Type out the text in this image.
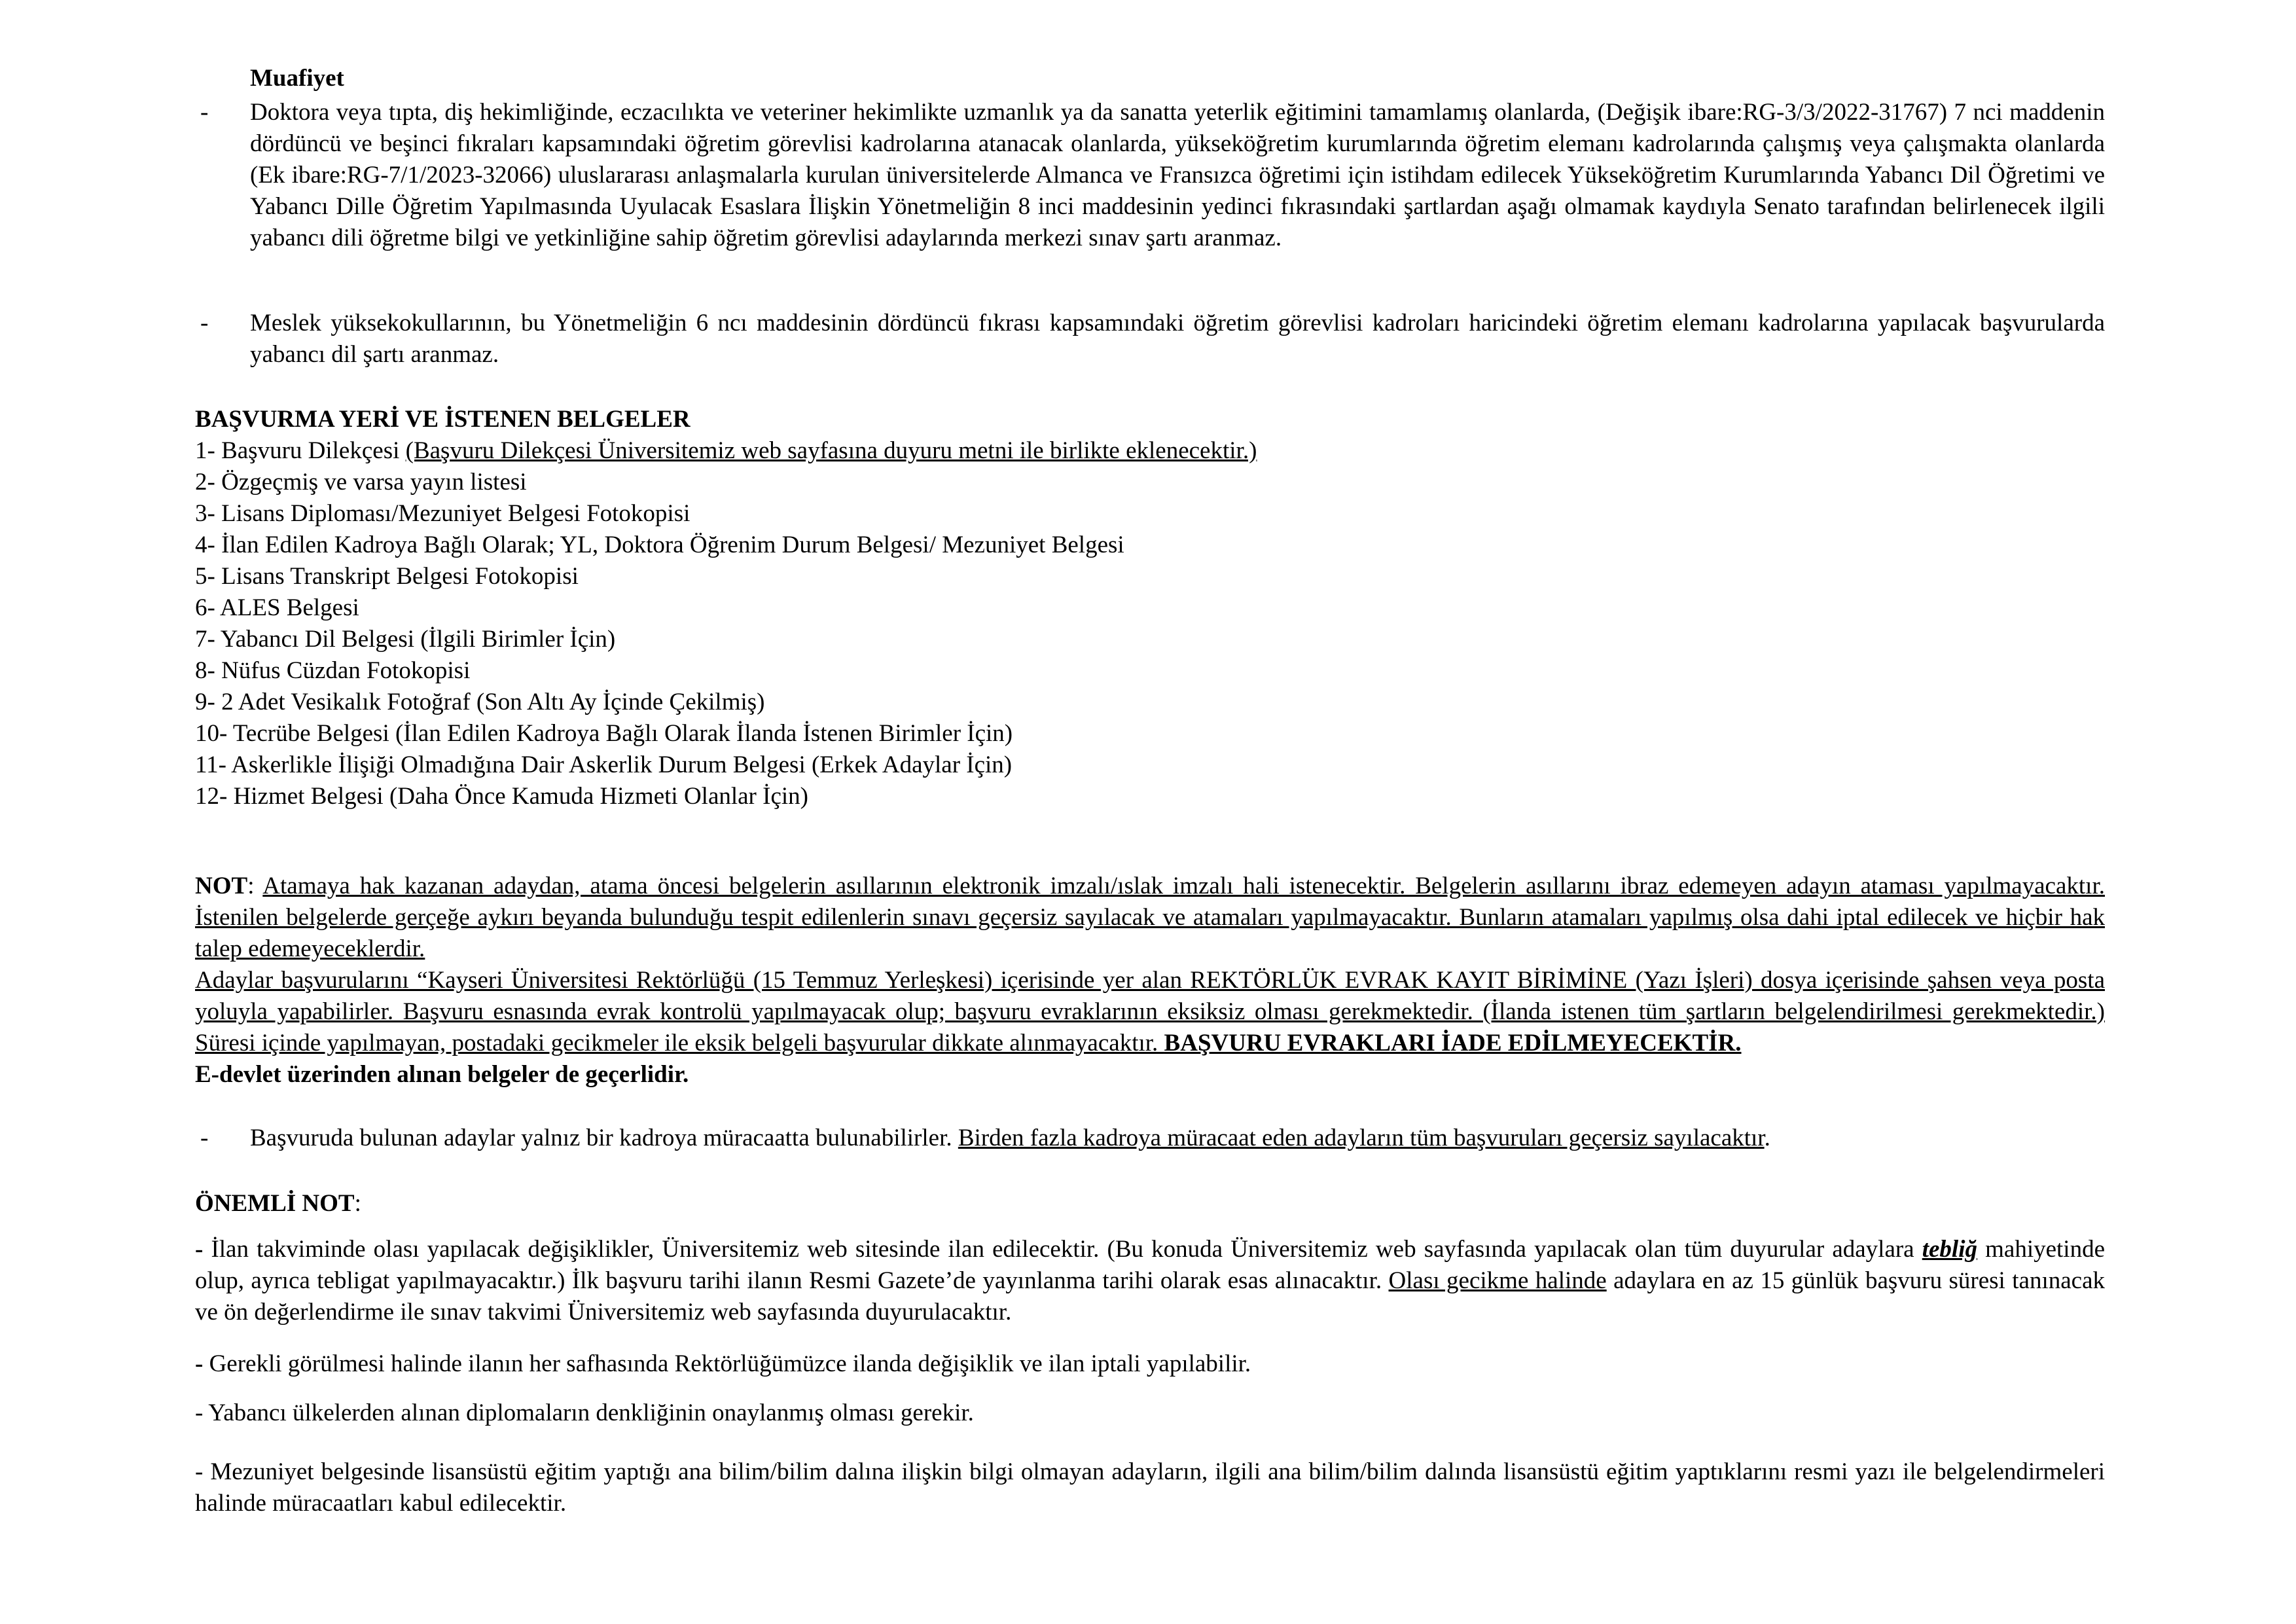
Muafiyet

-	Doktora veya tıpta, diş hekimliğinde, eczacılıkta ve veteriner hekimlikte uzmanlık ya da sanatta yeterlik eğitimini tamamlamış olanlarda, (Değişik ibare:RG-3/3/2022-31767) 7 nci maddenin dördüncü ve beşinci fıkraları kapsamındaki öğretim görevlisi kadrolarına atanacak olanlarda, yükseköğretim kurumlarında öğretim elemanı kadrolarında çalışmış veya çalışmakta olanlarda (Ek ibare:RG-7/1/2023-32066) uluslararası anlaşmalarla kurulan üniversitelerde Almanca ve Fransızca öğretimi için istihdam edilecek Yükseköğretim Kurumlarında Yabancı Dil Öğretimi ve Yabancı Dille Öğretim Yapılmasında Uyulacak Esaslara İlişkin Yönetmeliğin 8 inci maddesinin yedinci fıkrasındaki şartlardan aşağı olmamak kaydıyla Senato tarafından belirlenecek ilgili yabancı dili öğretme bilgi ve yetkinliğine sahip öğretim görevlisi adaylarında merkezi sınav şartı aranmaz.

-	Meslek yüksekokullarının, bu Yönetmeliğin 6 ncı maddesinin dördüncü fıkrası kapsamındaki öğretim görevlisi kadroları haricindeki öğretim elemanı kadrolarına yapılacak başvurularda yabancı dil şartı aranmaz.

BAŞVURMA YERİ VE İSTENEN BELGELER

1- Başvuru Dilekçesi (Başvuru Dilekçesi Üniversitemiz web sayfasına duyuru metni ile birlikte eklenecektir.)

2- Özgeçmiş ve varsa yayın listesi

3- Lisans Diploması/Mezuniyet Belgesi Fotokopisi

4- İlan Edilen Kadroya Bağlı Olarak; YL, Doktora Öğrenim Durum Belgesi/ Mezuniyet Belgesi

5- Lisans Transkript Belgesi Fotokopisi

6- ALES Belgesi

7- Yabancı Dil Belgesi (İlgili Birimler İçin)

8- Nüfus Cüzdan Fotokopisi

9- 2 Adet Vesikalık Fotoğraf (Son Altı Ay İçinde Çekilmiş)

10- Tecrübe Belgesi (İlan Edilen Kadroya Bağlı Olarak İlanda İstenen Birimler İçin)

11- Askerlikle İlişiği Olmadığına Dair Askerlik Durum Belgesi (Erkek Adaylar İçin)

12- Hizmet Belgesi (Daha Önce Kamuda Hizmeti Olanlar İçin)

NOT: Atamaya hak kazanan adaydan, atama öncesi belgelerin asıllarının elektronik imzalı/ıslak imzalı hali istenecektir. Belgelerin asıllarını ibraz edemeyen adayın ataması yapılmayacaktır. İstenilen belgelerde gerçeğe aykırı beyanda bulunduğu tespit edilenlerin sınavı geçersiz sayılacak ve atamaları yapılmayacaktır. Bunların atamaları yapılmış olsa dahi iptal edilecek ve hiçbir hak talep edemeyeceklerdir.

Adaylar başvurularını “Kayseri Üniversitesi Rektörlüğü (15 Temmuz Yerleşkesi) içerisinde yer alan REKTÖRLÜK EVRAK KAYIT BİRİMİNE (Yazı İşleri) dosya içerisinde şahsen veya posta yoluyla yapabilirler. Başvuru esnasında evrak kontrolü yapılmayacak olup; başvuru evraklarının eksiksiz olması gerekmektedir. (İlanda istenen tüm şartların belgelendirilmesi gerekmektedir.) Süresi içinde yapılmayan, postadaki gecikmeler ile eksik belgeli başvurular dikkate alınmayacaktır. BAŞVURU EVRAKLARI İADE EDİLMEYECEKTİR.

E-devlet üzerinden alınan belgeler de geçerlidir.

-	Başvuruda bulunan adaylar yalnız bir kadroya müracaatta bulunabilirler. Birden fazla kadroya müracaat eden adayların tüm başvuruları geçersiz sayılacaktır.

ÖNEMLİ NOT:

- İlan takviminde olası yapılacak değişiklikler, Üniversitemiz web sitesinde ilan edilecektir. (Bu konuda Üniversitemiz web sayfasında yapılacak olan tüm duyurular adaylara tebliğ mahiyetinde olup, ayrıca tebligat yapılmayacaktır.) İlk başvuru tarihi ilanın Resmi Gazete’de yayınlanma tarihi olarak esas alınacaktır. Olası gecikme halinde adaylara en az 15 günlük başvuru süresi tanınacak ve ön değerlendirme ile sınav takvimi Üniversitemiz web sayfasında duyurulacaktır.

- Gerekli görülmesi halinde ilanın her safhasında Rektörlüğümüzce ilanda değişiklik ve ilan iptali yapılabilir.

- Yabancı ülkelerden alınan diplomaların denkliğinin onaylanmış olması gerekir.

- Mezuniyet belgesinde lisansüstü eğitim yaptığı ana bilim/bilim dalına ilişkin bilgi olmayan adayların, ilgili ana bilim/bilim dalında lisansüstü eğitim yaptıklarını resmi yazı ile belgelendirmeleri halinde müracaatları kabul edilecektir.
